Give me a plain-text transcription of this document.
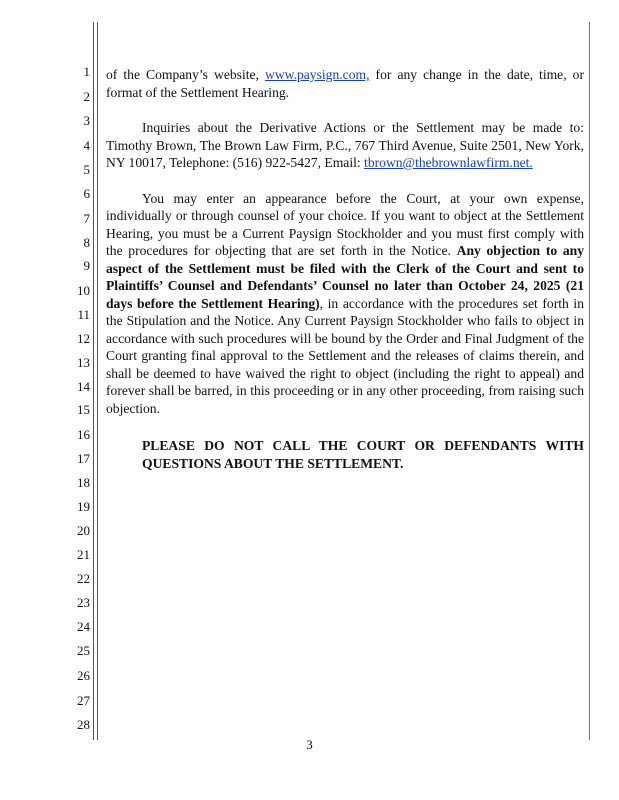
1
2
3
4
5
6
7
8
9
10
11
12
13
14
15
16
17
18
19
20
21
22
23
24
25
26
27
28

of the Company’s website, www.paysign.com, for any change in the date, time, or format of the Settlement Hearing.

Inquiries about the Derivative Actions or the Settlement may be made to: Timothy Brown, The Brown Law Firm, P.C., 767 Third Avenue, Suite 2501, New York, NY 10017, Telephone: (516) 922-5427, Email: tbrown@thebrownlawfirm.net.

You may enter an appearance before the Court, at your own expense, individually or through counsel of your choice. If you want to object at the Settlement Hearing, you must be a Current Paysign Stockholder and you must first comply with the procedures for objecting that are set forth in the Notice. Any objection to any aspect of the Settlement must be filed with the Clerk of the Court and sent to Plaintiffs’ Counsel and Defendants’ Counsel no later than October 24, 2025 (21 days before the Settlement Hearing), in accordance with the procedures set forth in the Stipulation and the Notice. Any Current Paysign Stockholder who fails to object in accordance with such procedures will be bound by the Order and Final Judgment of the Court granting final approval to the Settlement and the releases of claims therein, and shall be deemed to have waived the right to object (including the right to appeal) and forever shall be barred, in this proceeding or in any other proceeding, from raising such objection.

PLEASE DO NOT CALL THE COURT OR DEFENDANTS WITH QUESTIONS ABOUT THE SETTLEMENT.

3
